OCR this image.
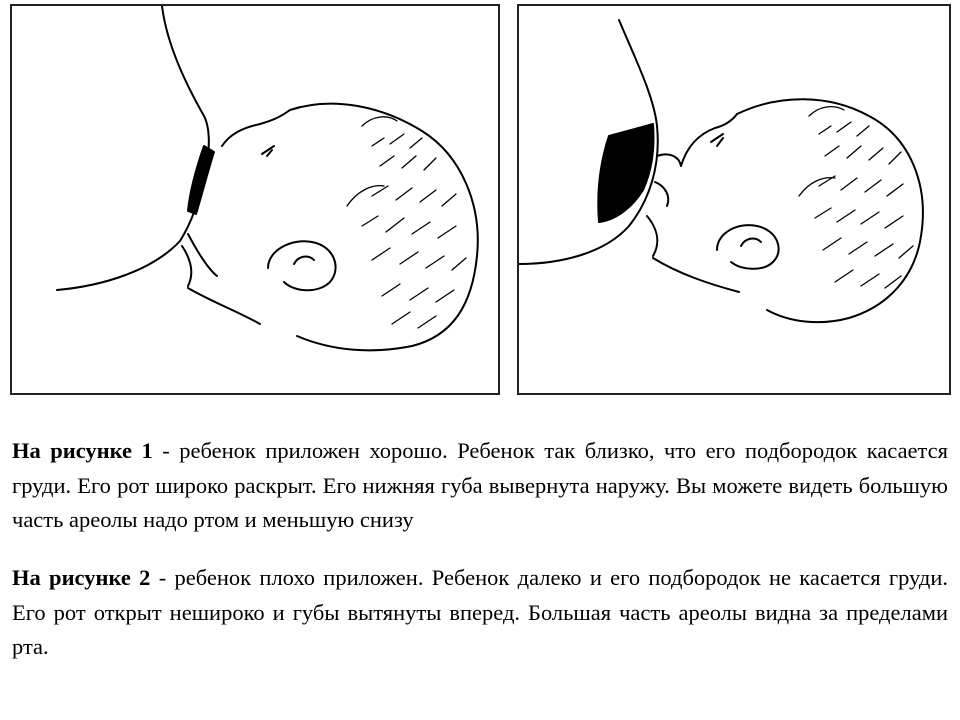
На рисунке 1 - ребенок приложен хорошо. Ребенок так близко, что его подбородок касается груди. Его рот широко раскрыт. Его нижняя губа вывернута наружу. Вы можете видеть большую часть ареолы надо ртом и меньшую снизу

На рисунке 2 - ребенок плохо приложен. Ребенок далеко и его подбородок не касается груди. Его рот открыт нешироко и губы вытянуты вперед. Большая часть ареолы видна за пределами рта.
